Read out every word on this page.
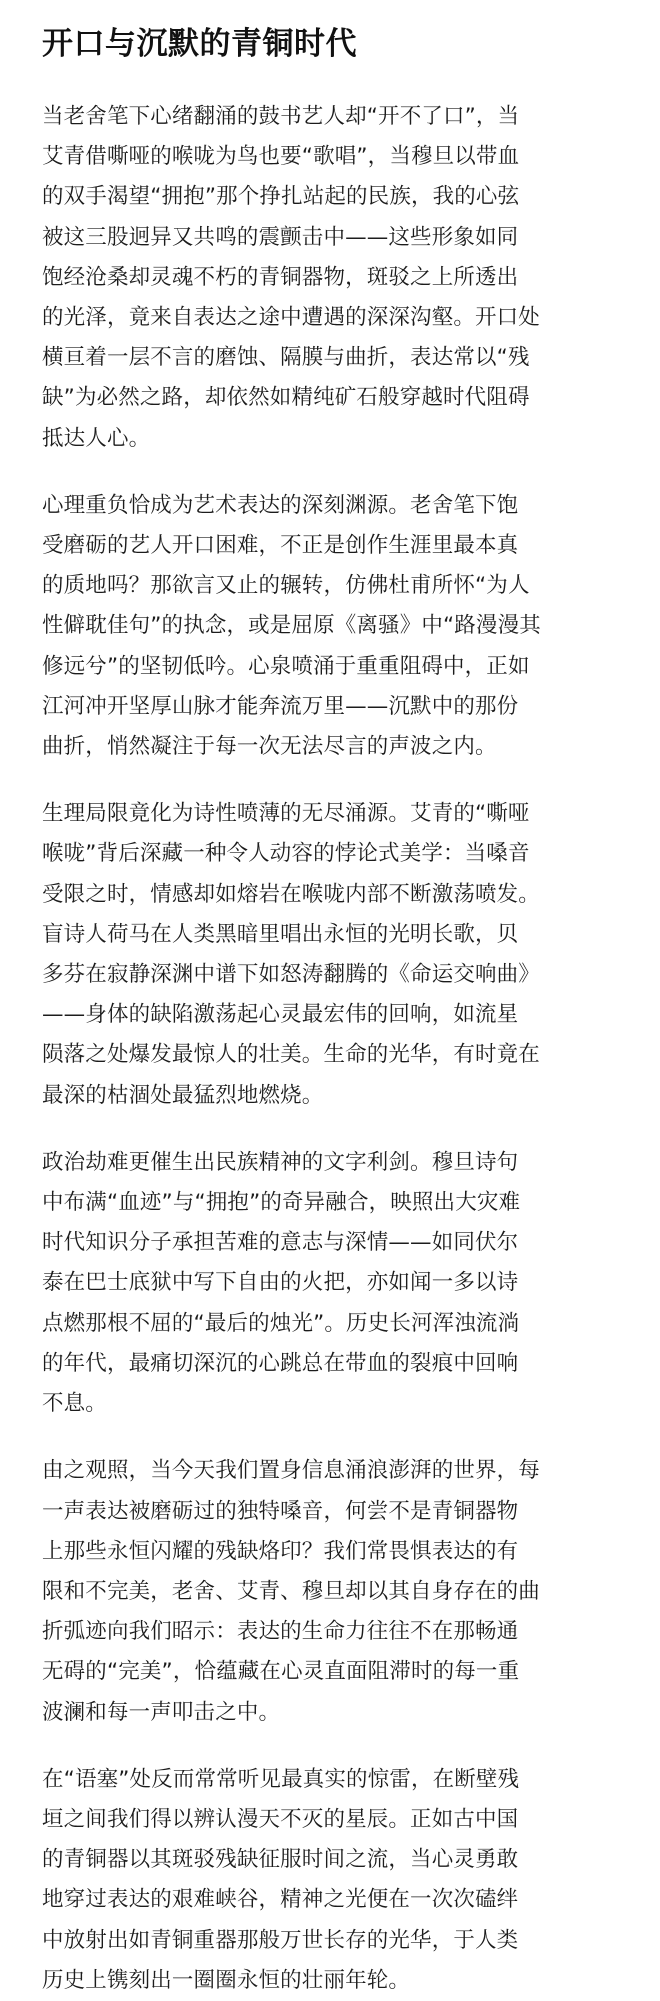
开口与沉默的青铜时代
当老舍笔下心绪翻涌的鼓书艺人却“开不了口”，当
艾青借嘶哑的喉咙为鸟也要“歌唱”，当穆旦以带血
的双手渴望“拥抱”那个挣扎站起的民族，我的心弦
被这三股迥异又共鸣的震颤击中——这些形象如同
饱经沧桑却灵魂不朽的青铜器物，斑驳之上所透出
的光泽，竟来自表达之途中遭遇的深深沟壑。开口处
横亘着一层不言的磨蚀、隔膜与曲折，表达常以“残
缺”为必然之路，却依然如精纯矿石般穿越时代阻碍
抵达人心。
心理重负恰成为艺术表达的深刻渊源。老舍笔下饱
受磨砺的艺人开口困难，不正是创作生涯里最本真
的质地吗？那欲言又止的辗转，仿佛杜甫所怀“为人
性僻耽佳句”的执念，或是屈原《离骚》中“路漫漫其
修远兮”的坚韧低吟。心泉喷涌于重重阻碍中，正如
江河冲开坚厚山脉才能奔流万里——沉默中的那份
曲折，悄然凝注于每一次无法尽言的声波之内。
生理局限竟化为诗性喷薄的无尽涌源。艾青的“嘶哑
喉咙”背后深藏一种令人动容的悖论式美学：当嗓音
受限之时，情感却如熔岩在喉咙内部不断激荡喷发。
盲诗人荷马在人类黑暗里唱出永恒的光明长歌，贝
多芬在寂静深渊中谱下如怒涛翻腾的《命运交响曲》
——身体的缺陷激荡起心灵最宏伟的回响，如流星
陨落之处爆发最惊人的壮美。生命的光华，有时竟在
最深的枯涸处最猛烈地燃烧。
政治劫难更催生出民族精神的文字利剑。穆旦诗句
中布满“血迹”与“拥抱”的奇异融合，映照出大灾难
时代知识分子承担苦难的意志与深情——如同伏尔
泰在巴士底狱中写下自由的火把，亦如闻一多以诗
点燃那根不屈的“最后的烛光”。历史长河浑浊流淌
的年代，最痛切深沉的心跳总在带血的裂痕中回响
不息。
由之观照，当今天我们置身信息涌浪澎湃的世界，每
一声表达被磨砺过的独特嗓音，何尝不是青铜器物
上那些永恒闪耀的残缺烙印？我们常畏惧表达的有
限和不完美，老舍、艾青、穆旦却以其自身存在的曲
折弧迹向我们昭示：表达的生命力往往不在那畅通
无碍的“完美”，恰蕴藏在心灵直面阻滞时的每一重
波澜和每一声叩击之中。
在“语塞”处反而常常听见最真实的惊雷，在断壁残
垣之间我们得以辨认漫天不灭的星辰。正如古中国
的青铜器以其斑驳残缺征服时间之流，当心灵勇敢
地穿过表达的艰难峡谷，精神之光便在一次次磕绊
中放射出如青铜重器那般万世长存的光华，于人类
历史上镌刻出一圈圈永恒的壮丽年轮。
